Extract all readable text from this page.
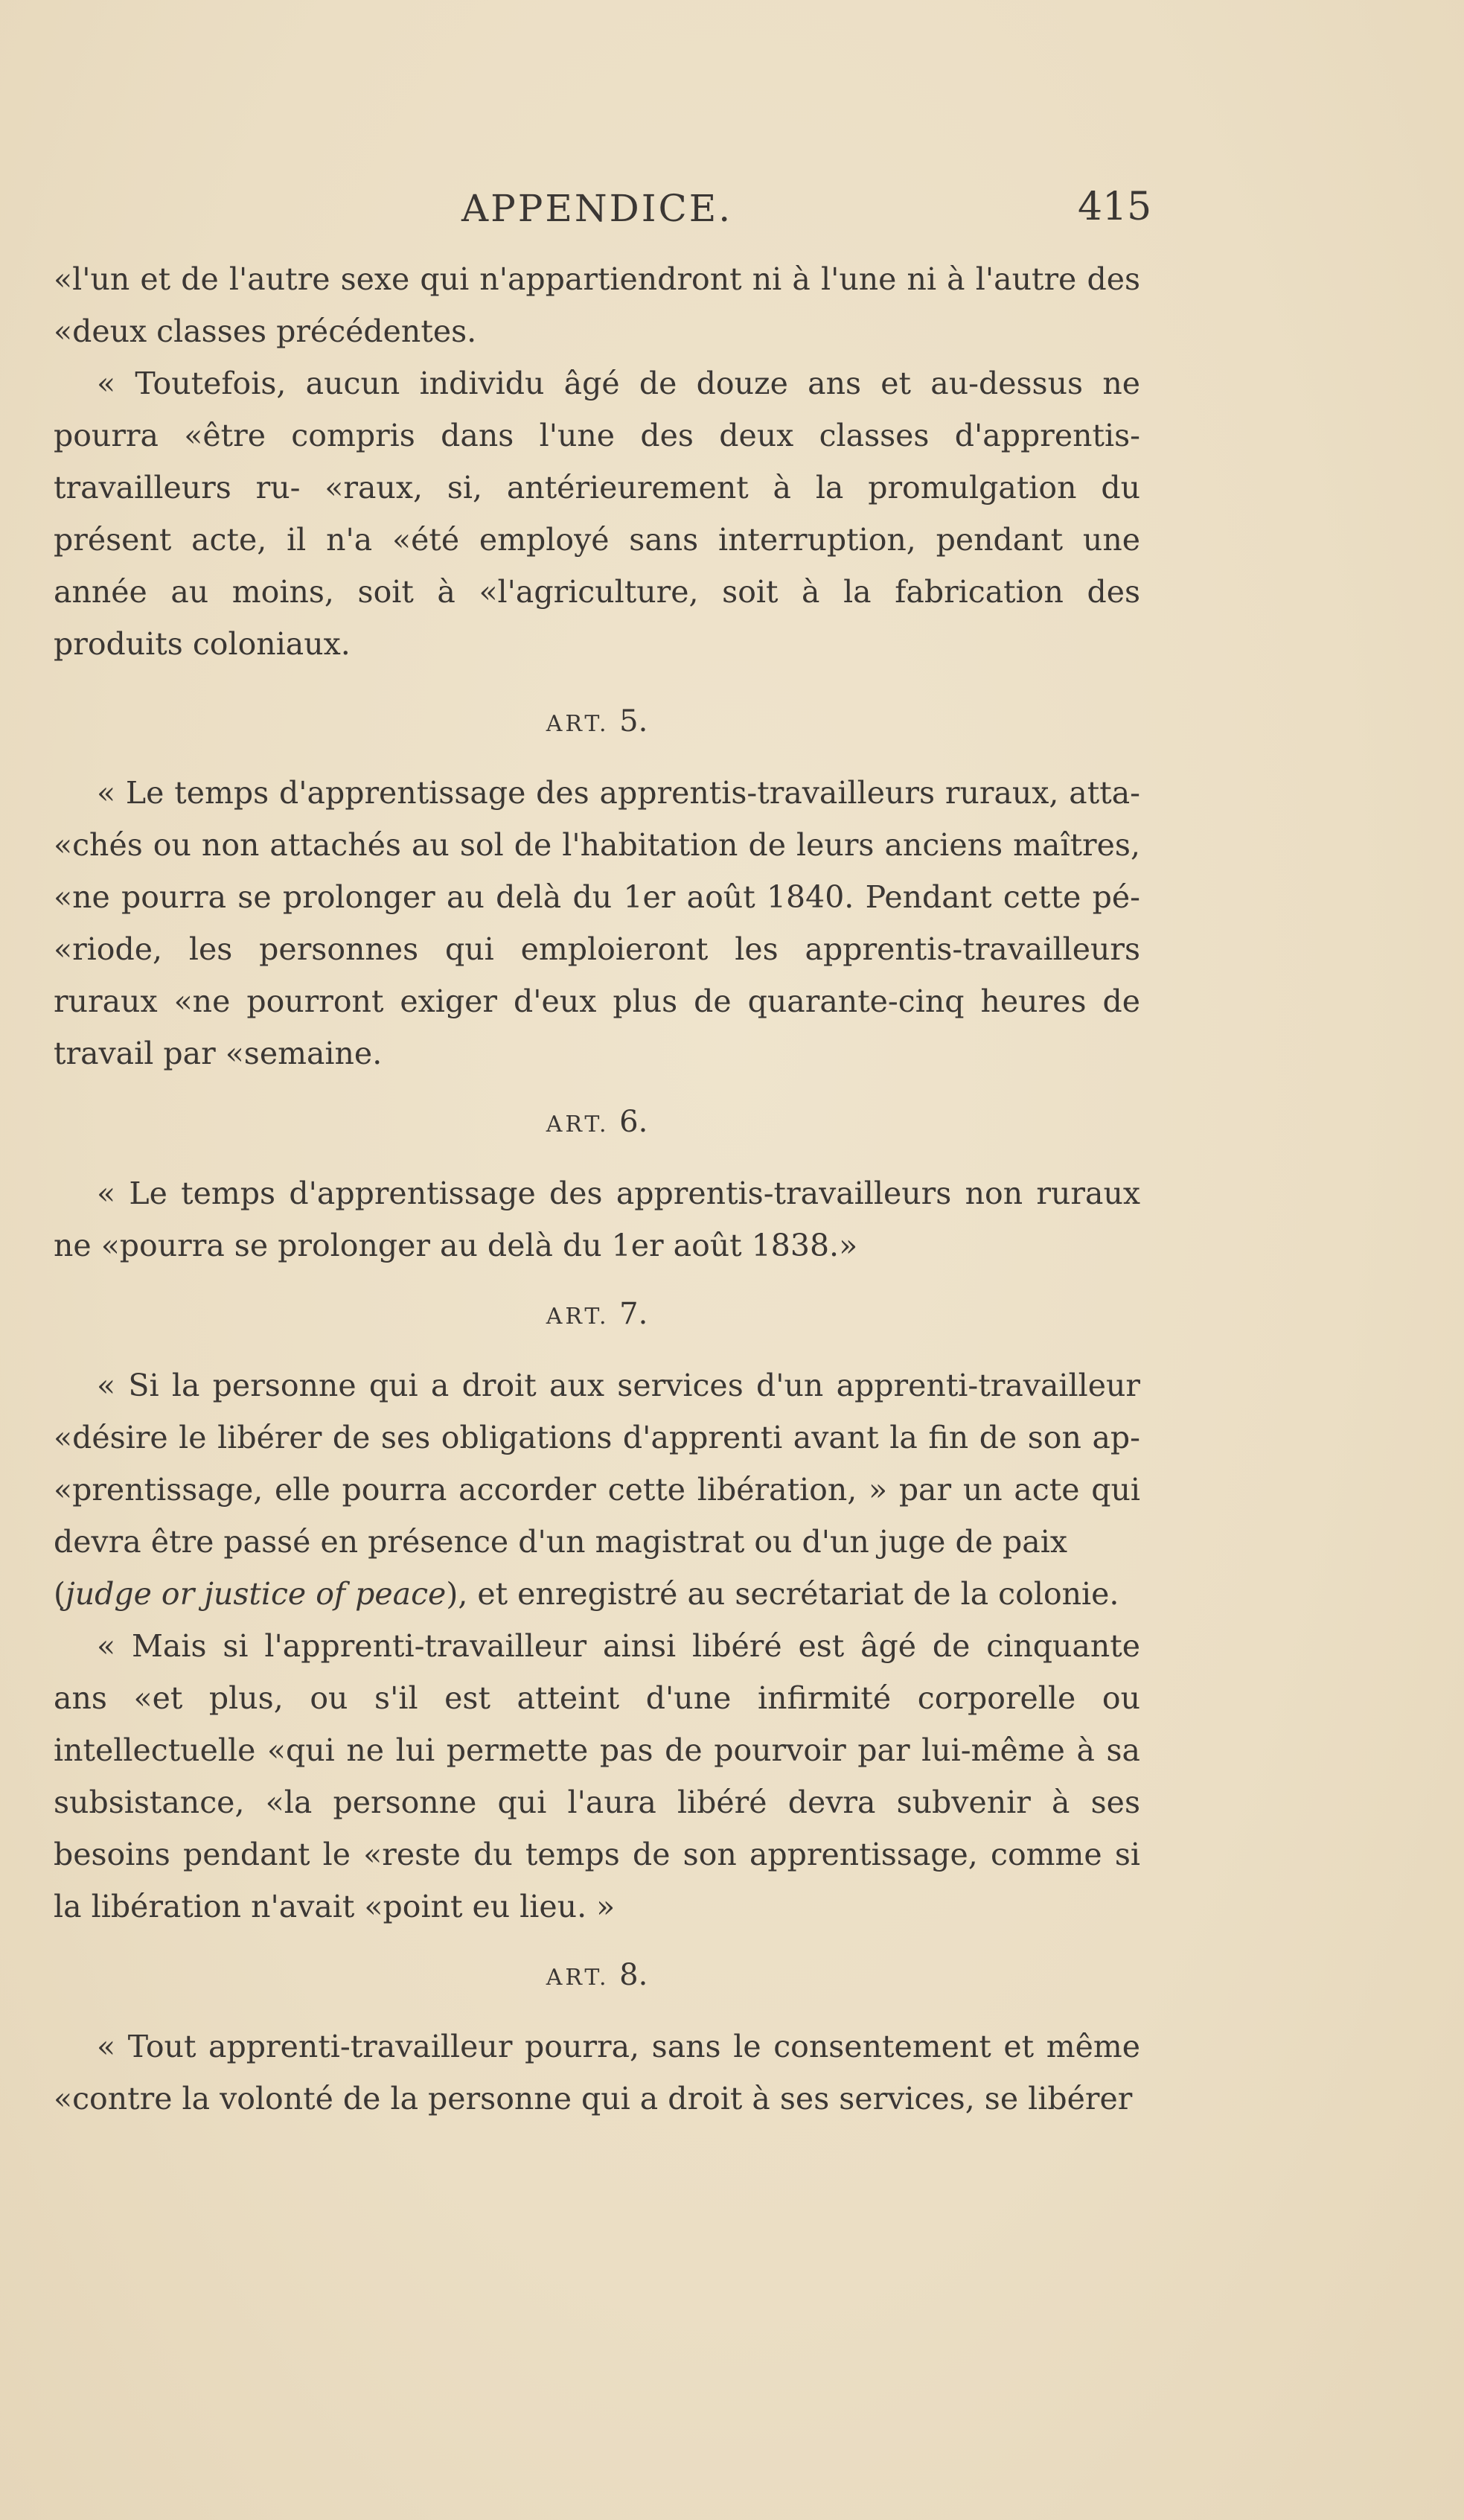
APPENDICE.	415

«l'un et de l'autre sexe qui n'appartiendront ni à l'une ni à l'autre des «deux classes précédentes.

« Toutefois, aucun individu âgé de douze ans et au-dessus ne pourra «être compris dans l'une des deux classes d'apprentis-travailleurs ru- «raux, si, antérieurement à la promulgation du présent acte, il n'a «été employé sans interruption, pendant une année au moins, soit à «l'agriculture, soit à la fabrication des produits coloniaux.

ART. 5.

« Le temps d'apprentissage des apprentis-travailleurs ruraux, atta- «chés ou non attachés au sol de l'habitation de leurs anciens maîtres, «ne pourra se prolonger au delà du 1er août 1840. Pendant cette pé- «riode, les personnes qui emploieront les apprentis-travailleurs ruraux «ne pourront exiger d'eux plus de quarante-cinq heures de travail par «semaine.

ART. 6.

« Le temps d'apprentissage des apprentis-travailleurs non ruraux ne «pourra se prolonger au delà du 1er août 1838.»

ART. 7.

« Si la personne qui a droit aux services d'un apprenti-travailleur «désire le libérer de ses obligations d'apprenti avant la fin de son ap- «prentissage, elle pourra accorder cette libération, » par un acte qui devra être passé en présence d'un magistrat ou d'un juge de paix

(judge or justice of peace), et enregistré au secrétariat de la colonie.

« Mais si l'apprenti-travailleur ainsi libéré est âgé de cinquante ans «et plus, ou s'il est atteint d'une infirmité corporelle ou intellectuelle «qui ne lui permette pas de pourvoir par lui-même à sa subsistance, «la personne qui l'aura libéré devra subvenir à ses besoins pendant le «reste du temps de son apprentissage, comme si la libération n'avait «point eu lieu. »

ART. 8.

« Tout apprenti-travailleur pourra, sans le consentement et même «contre la volonté de la personne qui a droit à ses services, se libérer
